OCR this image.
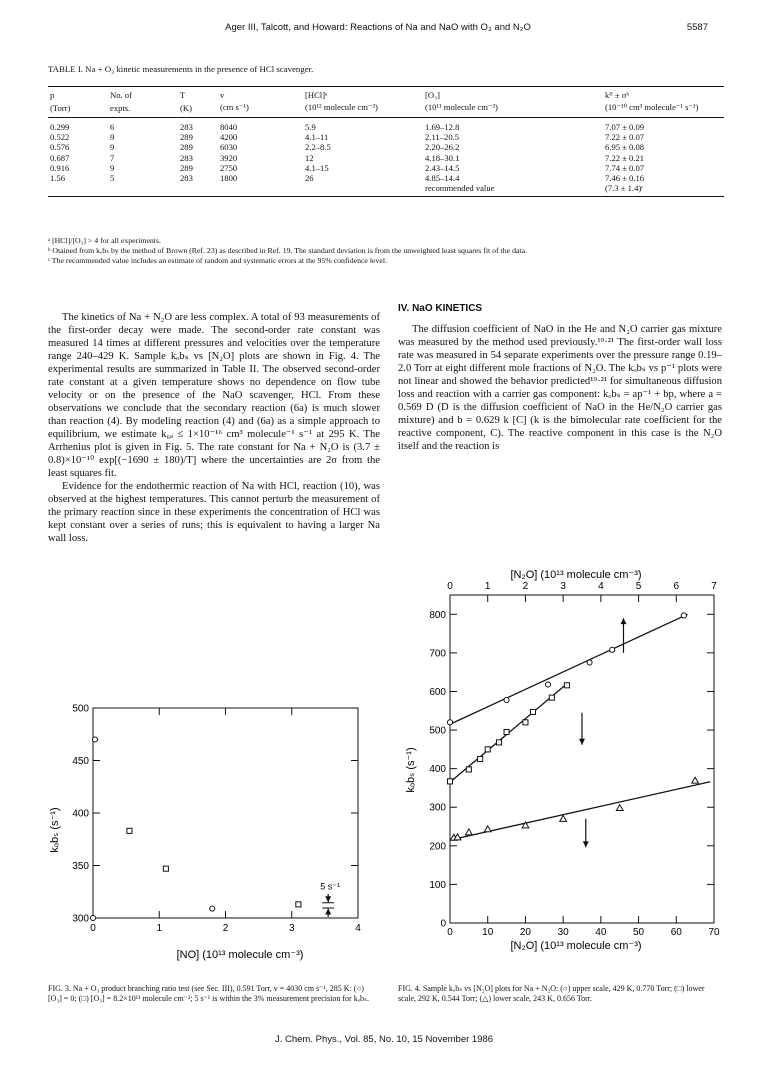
Ager III, Talcott, and Howard: Reactions of Na and NaO with O₃ and N₂O	5587
TABLE I. Na + O₃ kinetic measurements in the presence of HCl scavenger.
p	No. of	T	v	[HCl]ᵃ	[O₃]	kᴵᴵ ± σᵇ
(Torr)	expts.	(K)	(cm s⁻¹)	(10¹² molecule cm⁻³)	(10¹¹ molecule cm⁻³)	(10⁻¹⁰ cm³ molecule⁻¹ s⁻¹)
0.299	6	283	8040	5.9	1.69–12.8	7.07 ± 0.09
0.522	9	289	4200	4.1–11	2.11–20.5	7.22 ± 0.07
0.576	9	289	6030	2.2–8.5	2.20–26.2	6.95 ± 0.08
0.687	7	283	3920	12	4.18–30.1	7.22 ± 0.21
0.916	9	289	2750	4.1–15	2.43–14.5	7.74 ± 0.07
1.56	5	283	1800	26	4.85–14.4	7.46 ± 0.16
					recommended value	(7.3 ± 1.4)ᶜ
ᵃ [HCl]/[O₃] > 4 for all experiments.
ᵇ Otained from kₒbₛ by the method of Brown (Ref. 23) as described in Ref. 19. The standard deviation is from the unweighted least squares fit of the data.
ᶜ The recommended value includes an estimate of random and systematic errors at the 95% confidence level.

The kinetics of Na + N₂O are less complex. A total of 93 measurements of the first-order decay were made. The second-order rate constant was measured 14 times at different pressures and velocities over the temperature range 240–429 K. Sample kₒbₛ vs [N₂O] plots are shown in Fig. 4. The experimental results are summarized in Table II. The observed second-order rate constant at a given temperature shows no dependence on flow tube velocity or on the presence of the NaO scavenger, HCl. From these observations we conclude that the secondary reaction (6a) is much slower than reaction (4). By modeling reaction (4) and (6a) as a simple approach to equilibrium, we estimate k₆ₐ ≤ 1×10⁻¹⁶ cm³ molecule⁻¹ s⁻¹ at 295 K. The Arrhenius plot is given in Fig. 5. The rate constant for Na + N₂O is (3.7 ± 0.8)×10⁻¹⁰ exp[(−1690 ± 180)/T] where the uncertainties are 2σ from the least squares fit.

Evidence for the endothermic reaction of Na with HCl, reaction (10), was observed at the highest temperatures. This cannot perturb the measurement of the primary reaction since in these experiments the concentration of HCl was kept constant over a series of runs; this is equivalent to having a larger Na wall loss.

IV. NaO KINETICS

The diffusion coefficient of NaO in the He and N₂O carrier gas mixture was measured by the method used previously.¹⁹·²¹ The first-order wall loss rate was measured in 54 separate experiments over the pressure range 0.19–2.0 Torr at eight different mole fractions of N₂O. The kₒbₛ vs p⁻¹ plots were not linear and showed the behavior predicted¹⁹·²¹ for simultaneous diffusion loss and reaction with a carrier gas component: kₒbₛ = ap⁻¹ + bp, where a = 0.569 D (D is the diffusion coefficient of NaO in the He/N₂O carrier gas mixture) and b = 0.629 k [C] (k is the bimolecular rate coefficient for the reactive component, C). The reactive component in this case is the N₂O itself and the reaction is

kₒbₛ (s⁻¹)
[NO] (10¹³ molecule cm⁻³)
0	1	2	3	4
300
350
400
450
500
5 s⁻¹
[N₂O] (10¹³ molecule cm⁻³)
kₒbₛ (s⁻¹)
[N₂O] (10¹³ molecule cm⁻³)
0	10	20	30	40	50	60	70
0	1	2	3	4	5	6	7
0
100
200
300
400
500
600
700
800
FIG. 3. Na + O₃ product branching ratio test (see Sec. III), 0.591 Torr, v = 4030 cm s⁻¹, 285 K: (○) [O₃] = 0; (□) [O₃] = 8.2×10¹¹ molecule cm⁻³; 5 s⁻¹ is within the 3% measurement precision for kₒbₛ.
FIG. 4. Sample kₒbₛ vs [N₂O] plots for Na + N₂O: (○) upper scale, 429 K, 0.770 Torr; (□) lower scale, 292 K, 0.544 Torr; (△) lower scale, 243 K, 0.656 Torr.
J. Chem. Phys., Vol. 85, No. 10, 15 November 1986
